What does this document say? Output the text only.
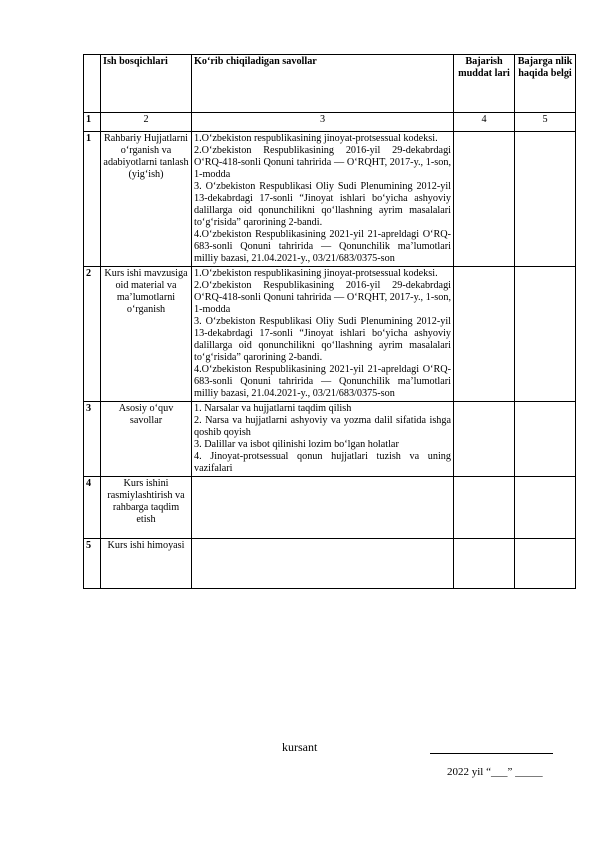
	Ish bosqichlari	Ko‘rib chiqiladigan savollar	Bajarish muddat lari	Bajarga nlik haqida belgi
1	2	3	4	5
1	Rahbariy Hujjatlarni o‘rganish va adabiyotlarni tanlash (yig‘ish)	1.O‘zbekiston respublikasining jinoyat-protsessual kodeksi.
2.O‘zbekiston Respublikasining 2016-yil 29-dekabrdagi O‘RQ-418-sonli Qonuni tahririda — O‘RQHT, 2017-y., 1-son, 1-modda
3. O‘zbekiston Respublikasi Oliy Sudi Plenumining 2012-yil 13-dekabrdagi 17-sonli “Jinoyat ishlari bo‘yicha ashyoviy dalillarga oid qonunchilikni qo‘llashning ayrim masalalari to‘g‘risida” qarorining 2-bandi.
4.O‘zbekiston Respublikasining 2021-yil 21-apreldagi O‘RQ-683-sonli Qonuni tahririda — Qonunchilik ma’lumotlari milliy bazasi, 21.04.2021-y., 03/21/683/0375-son		

2	Kurs ishi mavzusiga oid material va ma’lumotlarni o‘rganish	1.O‘zbekiston respublikasining jinoyat-protsessual kodeksi.
2.O‘zbekiston Respublikasining 2016-yil 29-dekabrdagi O‘RQ-418-sonli Qonuni tahririda — O‘RQHT, 2017-y., 1-son, 1-modda
3. O‘zbekiston Respublikasi Oliy Sudi Plenumining 2012-yil 13-dekabrdagi 17-sonli “Jinoyat ishlari bo‘yicha ashyoviy dalillarga oid qonunchilikni qo‘llashning ayrim masalalari to‘g‘risida” qarorining 2-bandi.
4.O‘zbekiston Respublikasining 2021-yil 21-apreldagi O‘RQ-683-sonli Qonuni tahririda — Qonunchilik ma’lumotlari milliy bazasi, 21.04.2021-y., 03/21/683/0375-son		

3	Asosiy o‘quv savollar	1. Narsalar va hujjatlarni taqdim qilish
2. Narsa va hujjatlarni ashyoviy va yozma dalil sifatida ishga qoshib qoyish
3. Dalillar va isbot qilinishi lozim bo‘lgan holatlar
4. Jinoyat-protsessual qonun hujjatlari tuzish va uning vazifalari		

4	Kurs ishini rasmiylashtirish va rahbarga taqdim etish			
5	Kurs ishi himoyasi			
kursant
2022 yil “___” _____
